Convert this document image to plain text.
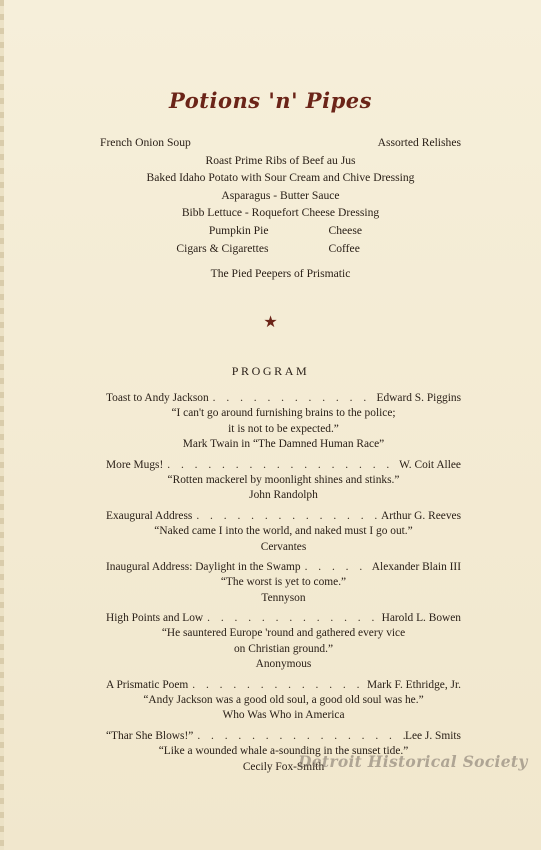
Potions 'n' Pipes
French Onion Soup	Assorted Relishes
Roast Prime Ribs of Beef au Jus
Baked Idaho Potato with Sour Cream and Chive Dressing
Asparagus - Butter Sauce
Bibb Lettuce - Roquefort Cheese Dressing
Pumpkin Pie	Cheese
Cigars & Cigarettes	Coffee
The Pied Peepers of Prismatic
★
PROGRAM
Toast to Andy Jackson . . .	Edward S. Piggins
“I can't go around furnishing brains to the police;
it is not to be expected.”
Mark Twain in “The Damned Human Race”
More Mugs! . . .	W. Coit Allee
“Rotten mackerel by moonlight shines and stinks.”
John Randolph
Exaugural Address . . .	Arthur G. Reeves
“Naked came I into the world, and naked must I go out.”
Cervantes
Inaugural Address: Daylight in the Swamp . . .	Alexander Blain III
“The worst is yet to come.”
Tennyson
High Points and Low . . .	Harold L. Bowen
“He sauntered Europe 'round and gathered every vice
on Christian ground.”
Anonymous
A Prismatic Poem . . .	Mark F. Ethridge, Jr.
“Andy Jackson was a good old soul, a good old soul was he.”
Who Was Who in America
“Thar She Blows!” . . .	Lee J. Smits
“Like a wounded whale a-sounding in the sunset tide.”
Cecily Fox-Smith
Detroit Historical Society
